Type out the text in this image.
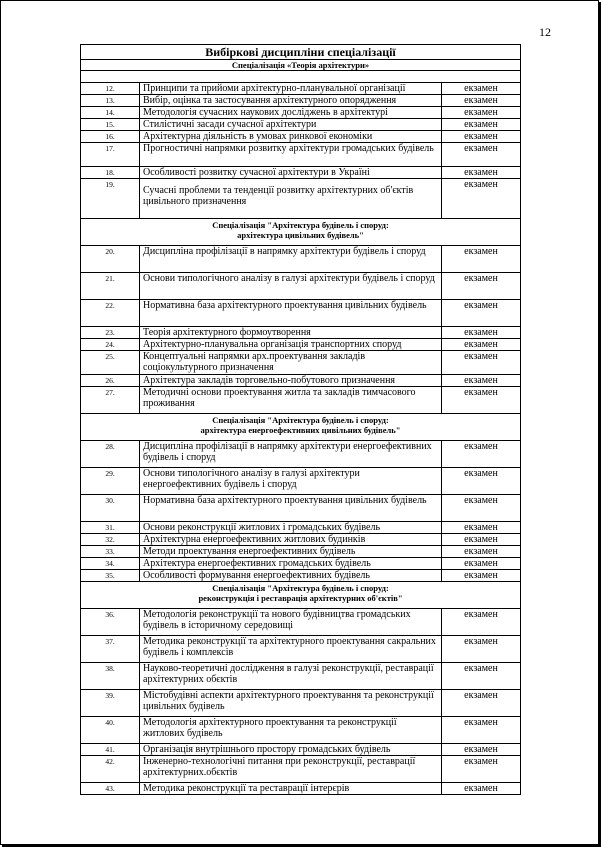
12
Вибіркові дисципліни спеціалізації		
Спеціалізація «Теорія архітектури»		

12.	Принципи та прийоми архітектурно-планувальної організації	екзамен
13.	Вибір, оцінка та застосування архітектурного опорядження	екзамен
14.	Методологія сучасних наукових досліджень в архітектурі	екзамен
15.	Стилістичні засади сучасної архітектури	екзамен
16.	Архітектурна діяльність в умовах ринкової економіки	екзамен
17.	Прогностичні напрямки розвитку архітектури громадських будівель	екзамен
18.	Особливості розвитку сучасної архітектури в Україні	екзамен
19.	Сучасні проблеми та тенденції розвитку архітектурних об'єктів цивільного призначення	екзамен
Спеціалізація "Архітектура будівель і споруд:
архітектура цивільних будівель"		
20.	Дисципліна профілізації в напрямку архітектури будівель і споруд	екзамен
21.	Основи типологічного аналізу в галузі архітектури будівель і споруд	екзамен
22.	Нормативна база архітектурного проектування цивільних будівель	екзамен
23.	Теорія архітектурного формоутворення	екзамен
24.	Архітектурно-планувальна організація транспортних споруд	екзамен
25.	Концептуальні напрямки арх.проектування закладів соціокультурного призначення	екзамен
26.	Архітектура закладів торговельно-побутового призначення	екзамен
27.	Методичні основи проектування житла та закладів тимчасового проживання	екзамен
Спеціалізація "Архітектура будівель і споруд:
архітектура енергоефективних цивільних будівель"		
28.	Дисципліна профілізації в напрямку архітектури енергоефективних будівель і споруд	екзамен
29.	Основи типологічного аналізу в галузі архітектури енергоефективних будівель і споруд	екзамен
30.	Нормативна база архітектурного проектування цивільних будівель	екзамен
31.	Основи реконструкції житлових і громадських будівель	екзамен
32.	Архітектурна енергоефективних житлових будинків	екзамен
33.	Методи проектування енергоефективних будівель	екзамен
34.	Архітектура енергоефективних громадських будівель	екзамен
35.	Особливості формування енергоефективних будівель	екзамен
Спеціалізація "Архітектура будівель і споруд:
реконструкція і реставрація архітектурних об'єктів"		
36.	Методологія реконструкції та нового будівництва громадських будівель в історичному середовищі	екзамен
37.	Методика реконструкції та архітектурного проектування сакральних будівель і комплексів	екзамен
38.	Науково-теоретичні дослідження в галузі реконструкції, реставрації архітектурних обєктів	екзамен
39.	Містобудівні аспекти архітектурного проектування та реконструкції цивільних будівель	екзамен
40.	Методологія архітектурного проектування та реконструкції житлових будівель	екзамен
41.	Організація внутрішнього простору громадських будівель	екзамен
42.	Інженерно-технологічні питання при реконструкції, реставрації архітектурних.обєктів	екзамен
43.	Методика реконструкції та реставрації інтерєрів	екзамен
